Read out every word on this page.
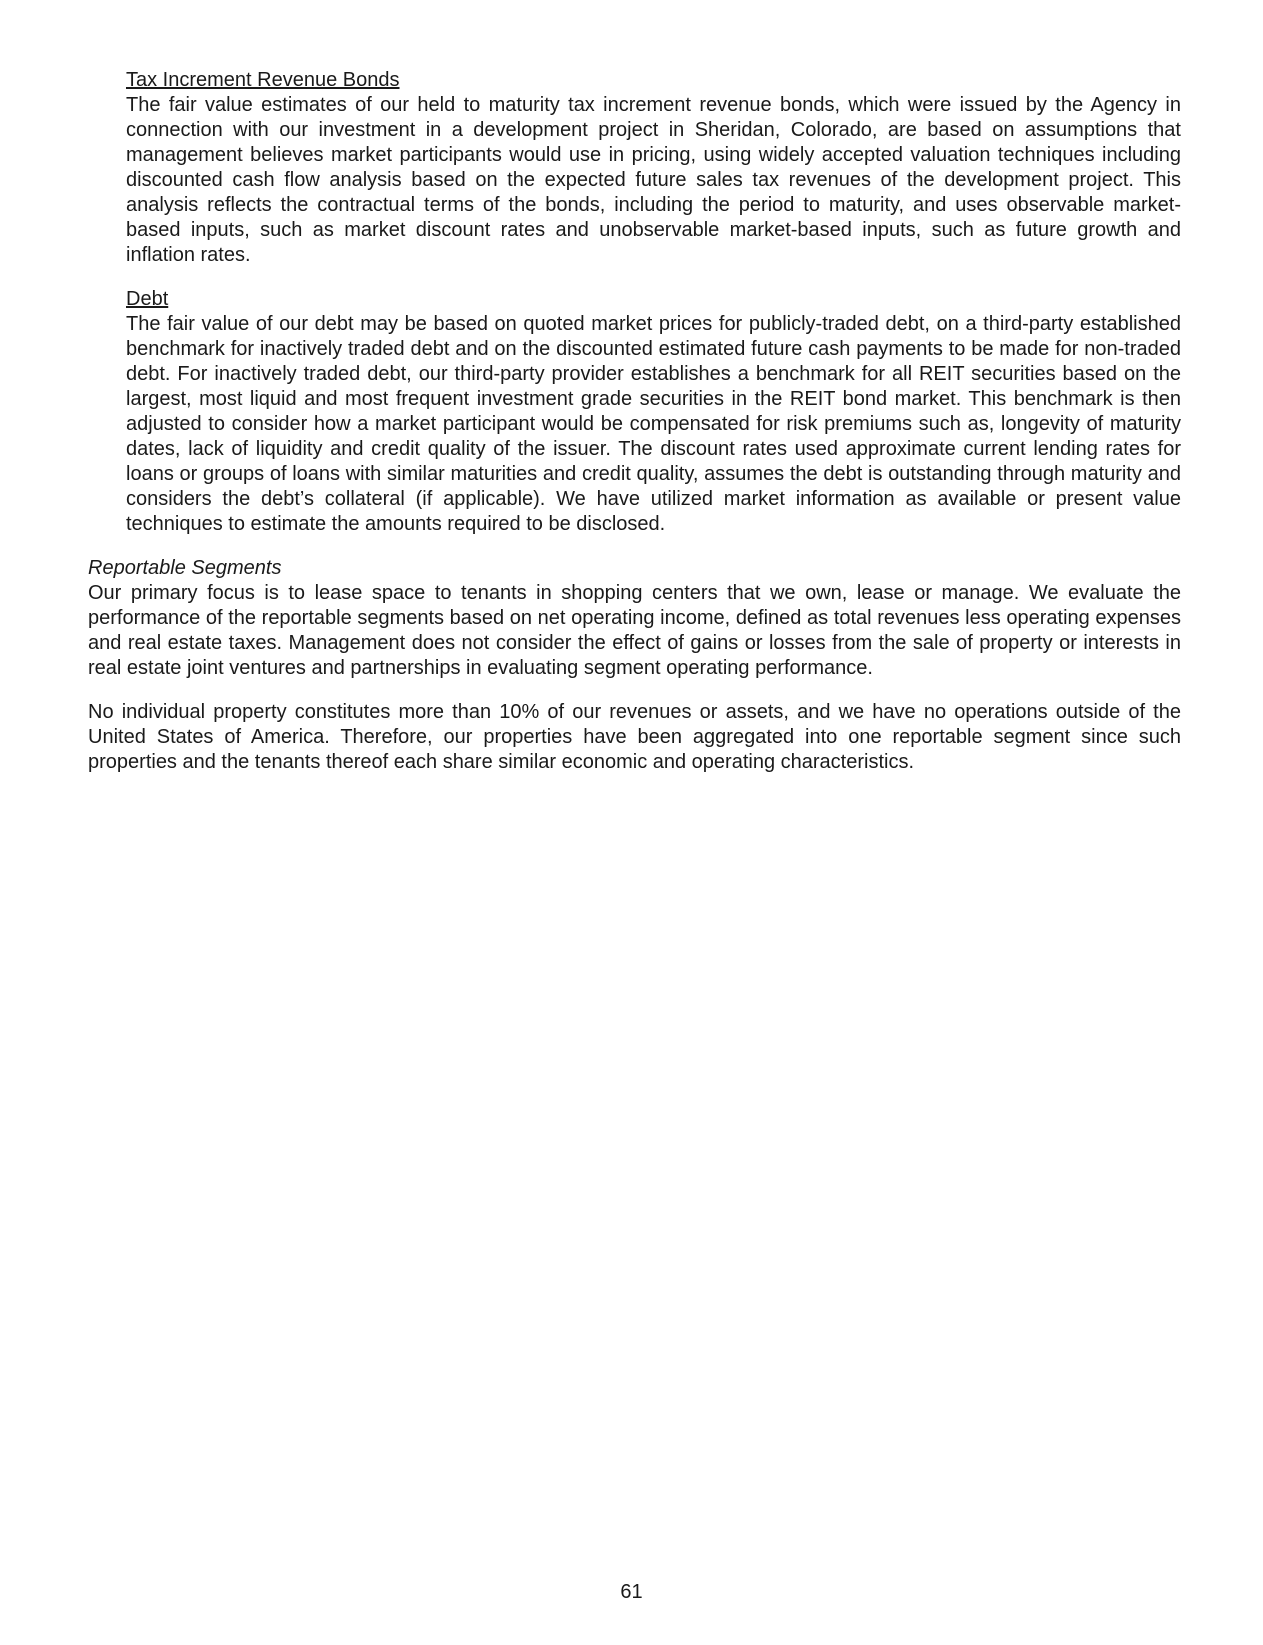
Tax Increment Revenue Bonds

The fair value estimates of our held to maturity tax increment revenue bonds, which were issued by the Agency in connection with our investment in a development project in Sheridan, Colorado, are based on assumptions that management believes market participants would use in pricing, using widely accepted valuation techniques including discounted cash flow analysis based on the expected future sales tax revenues of the development project. This analysis reflects the contractual terms of the bonds, including the period to maturity, and uses observable market-based inputs, such as market discount rates and unobservable market-based inputs, such as future growth and inflation rates.

Debt

The fair value of our debt may be based on quoted market prices for publicly-traded debt, on a third-party established benchmark for inactively traded debt and on the discounted estimated future cash payments to be made for non-traded debt. For inactively traded debt, our third-party provider establishes a benchmark for all REIT securities based on the largest, most liquid and most frequent investment grade securities in the REIT bond market. This benchmark is then adjusted to consider how a market participant would be compensated for risk premiums such as, longevity of maturity dates, lack of liquidity and credit quality of the issuer. The discount rates used approximate current lending rates for loans or groups of loans with similar maturities and credit quality, assumes the debt is outstanding through maturity and considers the debt’s collateral (if applicable). We have utilized market information as available or present value techniques to estimate the amounts required to be disclosed.

Reportable Segments

Our primary focus is to lease space to tenants in shopping centers that we own, lease or manage. We evaluate the performance of the reportable segments based on net operating income, defined as total revenues less operating expenses and real estate taxes. Management does not consider the effect of gains or losses from the sale of property or interests in real estate joint ventures and partnerships in evaluating segment operating performance.

No individual property constitutes more than 10% of our revenues or assets, and we have no operations outside of the United States of America. Therefore, our properties have been aggregated into one reportable segment since such properties and the tenants thereof each share similar economic and operating characteristics.

61
